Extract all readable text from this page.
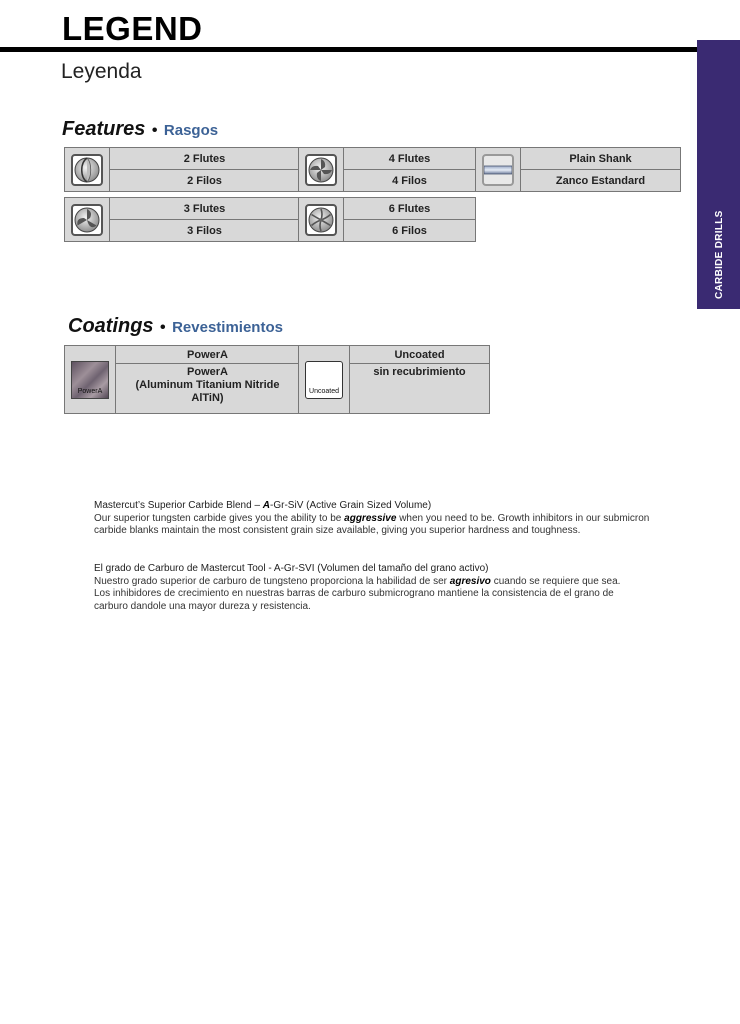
LEGEND
Leyenda
CARBIDE DRILLS
Features • Rasgos
2 Flutes
2 Filos
4 Flutes
4 Filos
Plain Shank
Zanco Estandard
3 Flutes
3 Filos
6 Flutes
6 Filos
Coatings • Revestimientos
PowerA
PowerA
PowerA
(Aluminum Titanium Nitride
AlTiN)
Uncoated
Uncoated
sin recubrimiento
Mastercut’s Superior Carbide Blend – A-Gr-SiV (Active Grain Sized Volume)
Our superior tungsten carbide gives you the ability to be aggressive when you need to be. Growth inhibitors in our submicron
carbide blanks maintain the most consistent grain size available, giving you superior hardness and toughness.
El grado de Carburo de Mastercut Tool - A-Gr-SVI (Volumen del tamaño del grano activo)
Nuestro grado superior de carburo de tungsteno proporciona la habilidad de ser agresivo cuando se requiere que sea.
Los inhibidores de crecimiento en nuestras barras de carburo submicrograno mantiene la consistencia de el grano de
carburo dandole una mayor dureza y resistencia.
